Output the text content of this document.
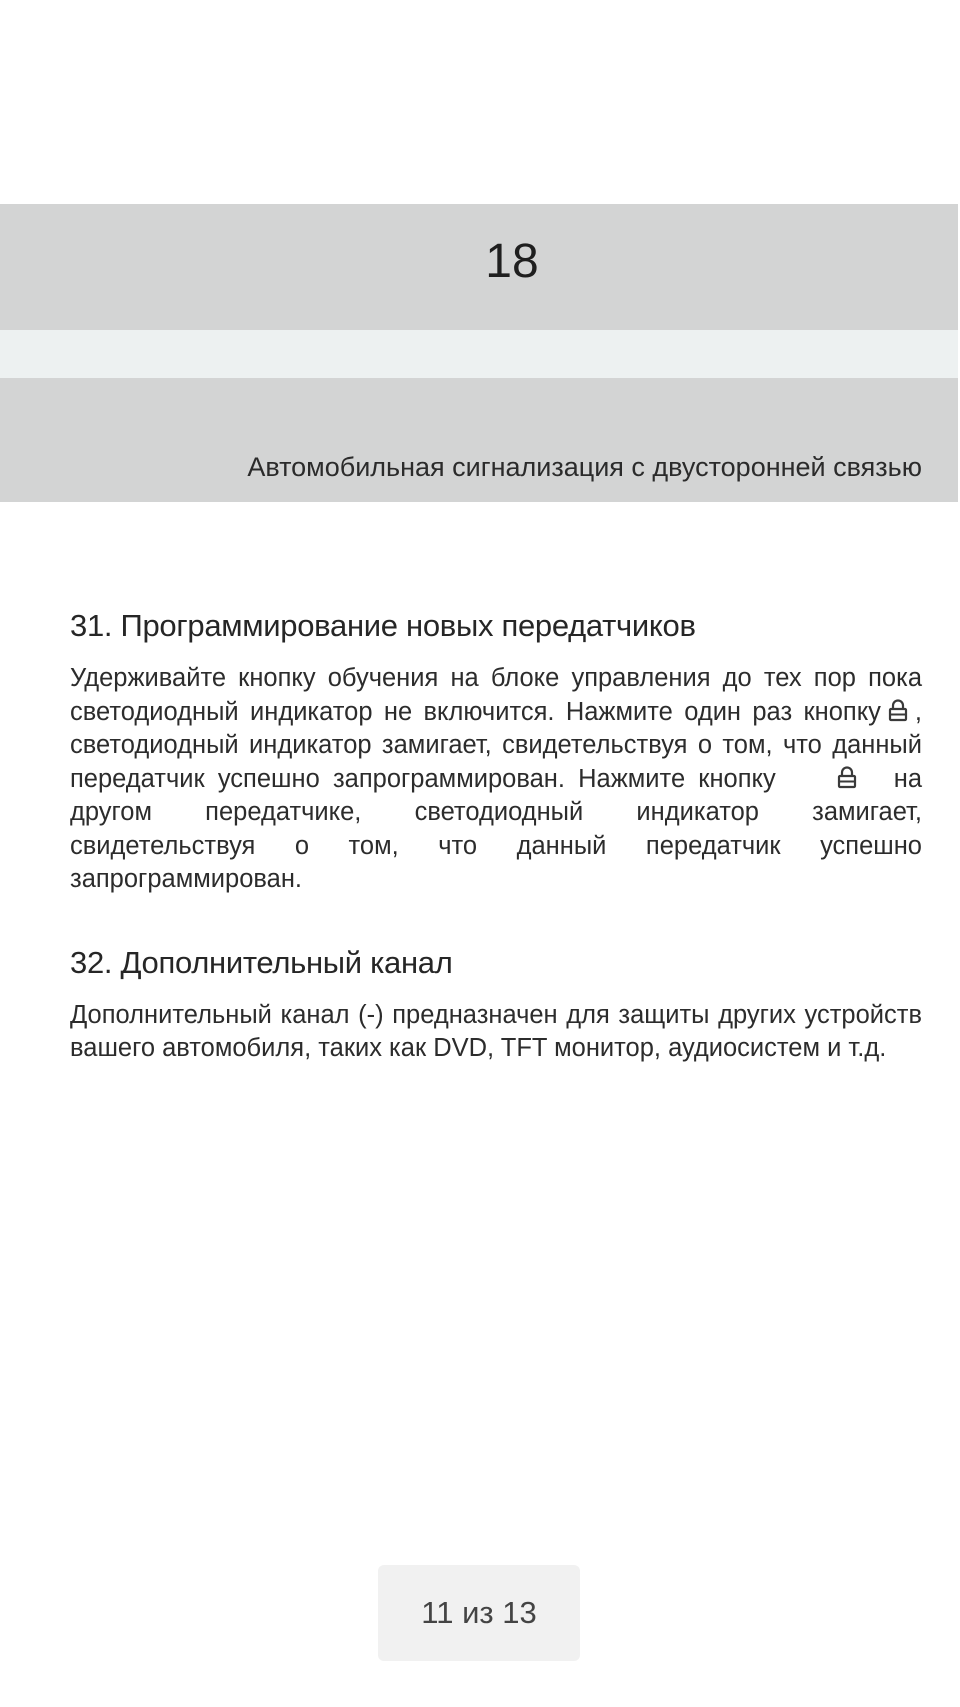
18
Автомобильная сигнализация с двусторонней связью
31. Программирование новых передатчиков

Удерживайте кнопку обучения на блоке управления до тех пор пока светодиодный индикатор не включится. Нажмите один раз кнопку , светодиодный индикатор замигает, свидетельствуя о том, что данный передатчик успешно запрограммирован. Нажмите кнопку	на другом передатчике, светодиодный индикатор замигает, свидетельствуя о том, что данный передатчик успешно запрограммирован.

32. Дополнительный канал

Дополнительный канал (-) предназначен для защиты других устройств вашего автомобиля, таких как DVD, TFT монитор, аудиосистем и т.д.

11 из 13
